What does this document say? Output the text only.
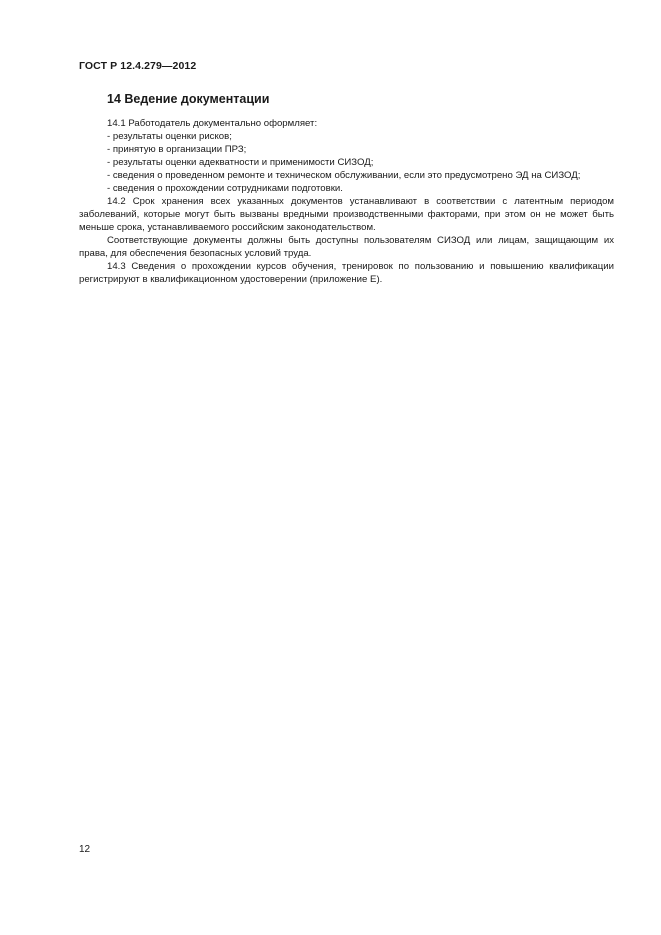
ГОСТ Р 12.4.279—2012
14 Ведение документации

14.1 Работодатель документально оформляет:

- результаты оценки рисков;

- принятую в организации ПРЗ;

- результаты оценки адекватности и применимости СИЗОД;

- сведения о проведенном ремонте и техническом обслуживании, если это предусмотрено ЭД на СИЗОД;

- сведения о прохождении сотрудниками подготовки.

14.2 Срок хранения всех указанных документов устанавливают в соответствии с латентным периодом заболеваний, которые могут быть вызваны вредными производственными факторами, при этом он не может быть меньше срока, устанавливаемого российским законодательством.

Соответствующие документы должны быть доступны пользователям СИЗОД или лицам, защищающим их права, для обеспечения безопасных условий труда.

14.3 Сведения о прохождении курсов обучения, тренировок по пользованию и повышению квалификации регистрируют в квалификационном удостоверении (приложение Е).

12
